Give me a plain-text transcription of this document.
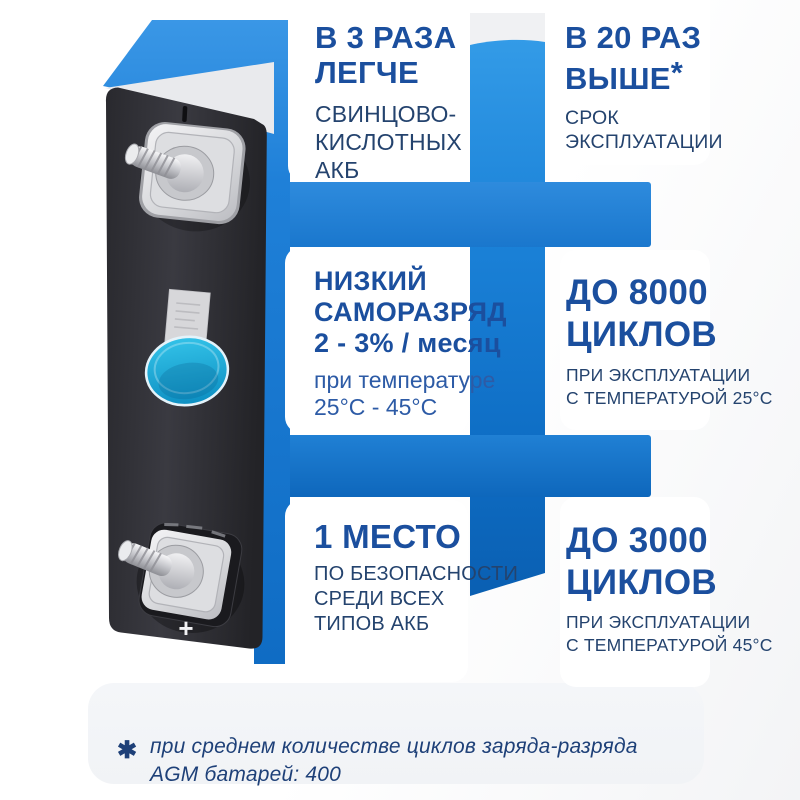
+
В 3 РАЗА
ЛЕГЧЕ
СВИНЦОВО-
КИСЛОТНЫХ
АКБ
В 20 РАЗ
ВЫШЕ*
СРОК
ЭКСПЛУАТАЦИИ
НИЗКИЙ
САМОРАЗРЯД
2 - 3% / месяц
при температуре
25°C - 45°C
ДО 8000
ЦИКЛОВ
ПРИ ЭКСПЛУАТАЦИИ
С ТЕМПЕРАТУРОЙ 25°C
1 МЕСТО
ПО БЕЗОПАСНОСТИ
СРЕДИ ВСЕХ
ТИПОВ АКБ
ДО 3000
ЦИКЛОВ
ПРИ ЭКСПЛУАТАЦИИ
С ТЕМПЕРАТУРОЙ 45°C
✱ при среднем количестве циклов заряда-разряда
AGM батарей: 400
